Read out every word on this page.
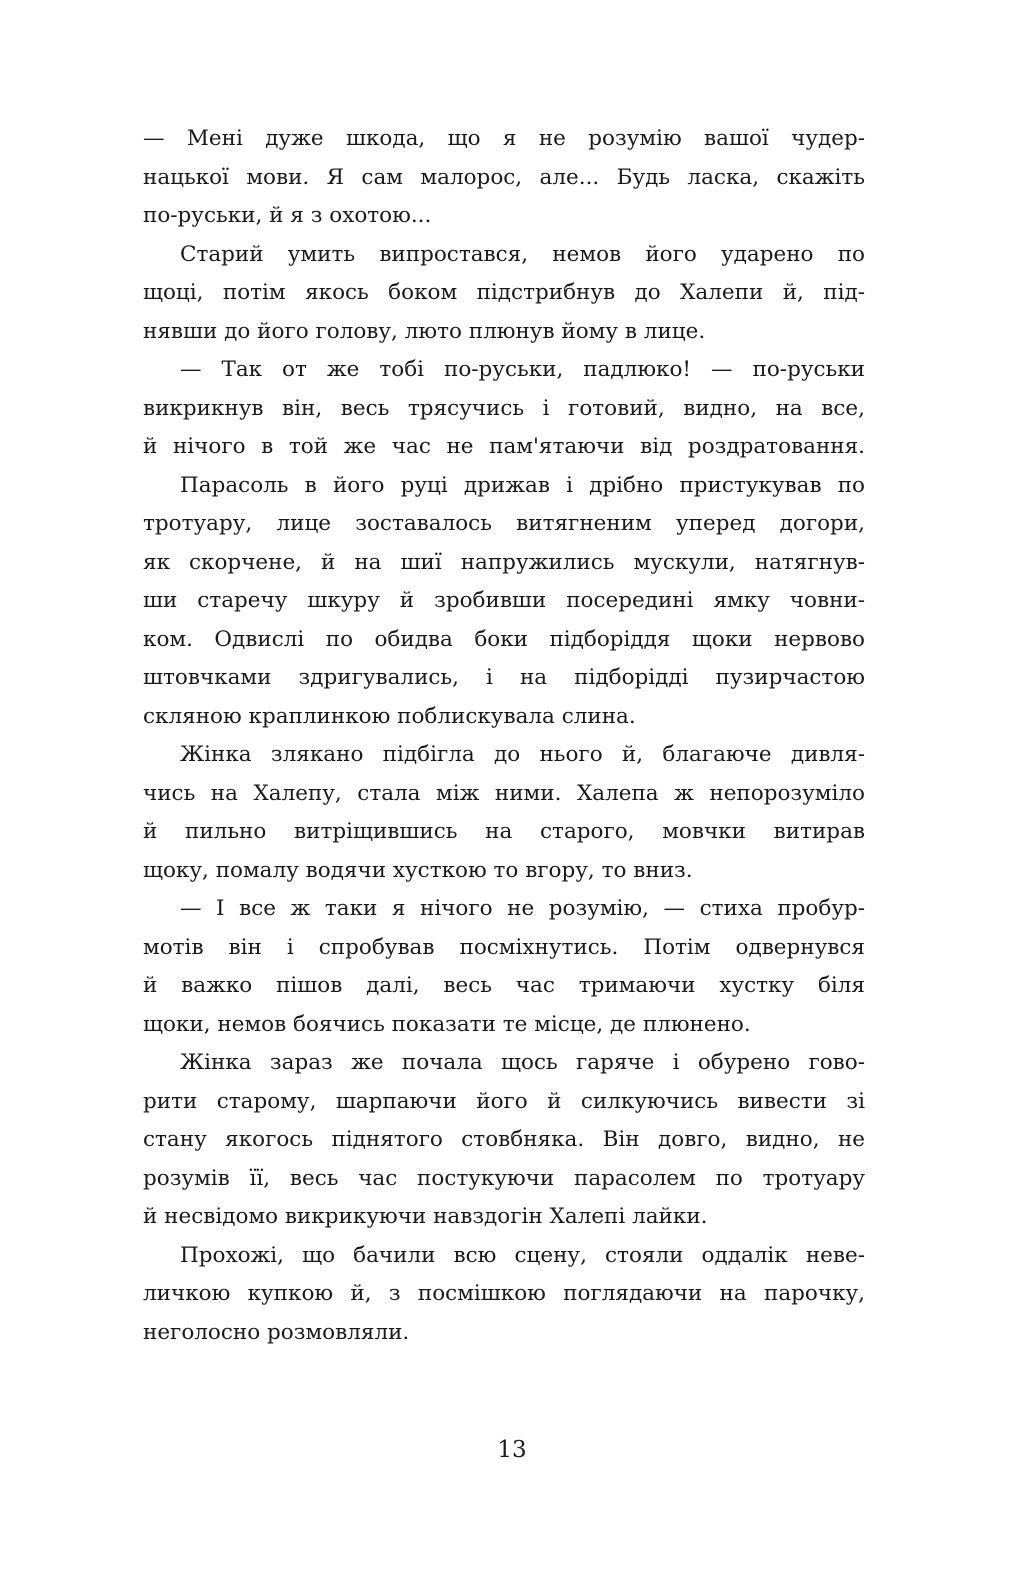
— Мені дуже шкода, що я не розумію вашої чудер-
нацької мови. Я сам малорос, але... Будь ласка, скажіть
по-руськи, й я з охотою...
Старий умить випростався, немов його ударено по
щоці, потім якось боком підстрибнув до Халепи й, під-
нявши до його голову, люто плюнув йому в лице.
— Так от же тобі по-руськи, падлюко! — по-руськи
викрикнув він, весь трясучись і готовий, видно, на все,
й нічого в той же час не пам'ятаючи від роздратовання.
Парасоль в його руці дрижав і дрібно пристукував по
тротуару, лице зоставалось витягненим уперед догори,
як скорчене, й на шиї напружились мускули, натягнув-
ши старечу шкуру й зробивши посередині ямку човни-
ком. Одвислі по обидва боки підборіддя щоки нервово
штовчками здригувались, і на підборідді пузирчастою
скляною краплинкою поблискувала слина.
Жінка злякано підбігла до нього й, благаюче дивля-
чись на Халепу, стала між ними. Халепа ж непорозуміло
й пильно витріщившись на старого, мовчки витирав
щоку, помалу водячи хусткою то вгору, то вниз.
— І все ж таки я нічого не розумію, — стиха пробур-
мотів він і спробував посміхнутись. Потім одвернувся
й важко пішов далі, весь час тримаючи хустку біля
щоки, немов боячись показати те місце, де плюнено.
Жінка зараз же почала щось гаряче і обурено гово-
рити старому, шарпаючи його й силкуючись вивести зі
стану якогось піднятого стовбняка. Він довго, видно, не
розумів її, весь час постукуючи парасолем по тротуару
й несвідомо викрикуючи навздогін Халепі лайки.
Прохожі, що бачили всю сцену, стояли оддалік неве-
личкою купкою й, з посмішкою поглядаючи на парочку,
неголосно розмовляли.
13
